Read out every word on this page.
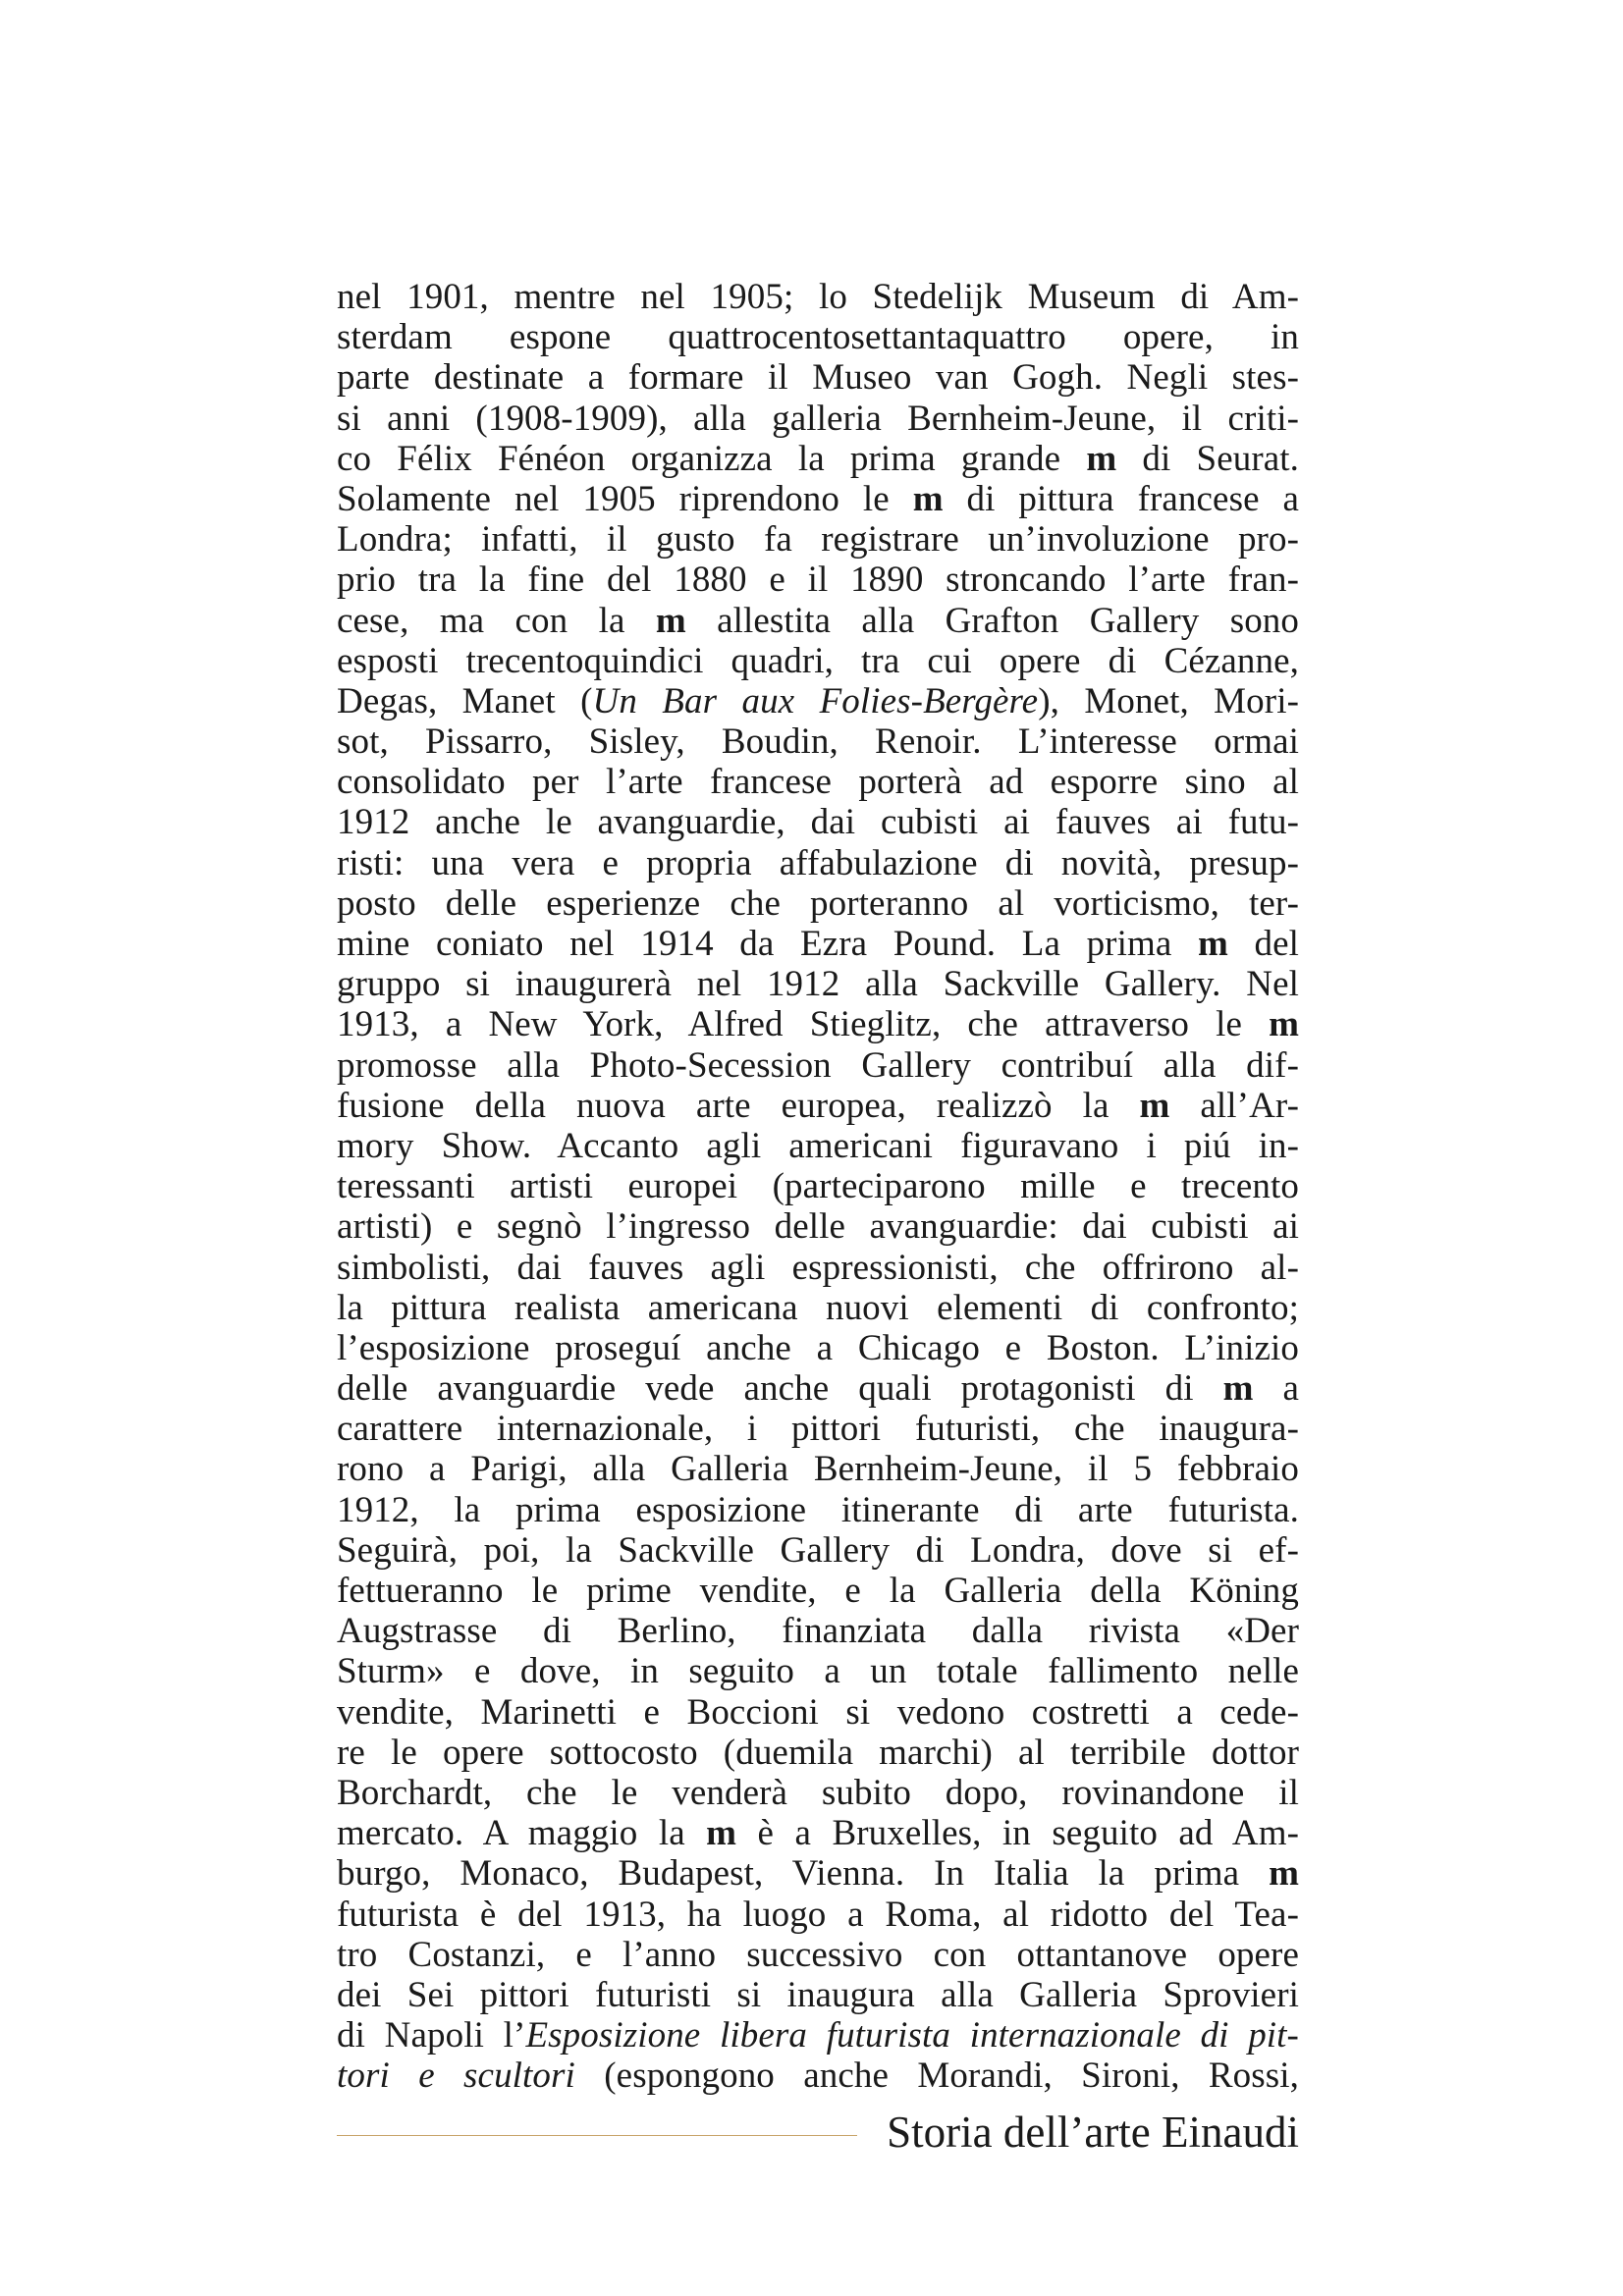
nel 1901, mentre nel 1905; lo Stedelijk Museum di Am-
sterdam espone quattrocentosettantaquattro opere, in
parte destinate a formare il Museo van Gogh. Negli stes-
si anni (1908-1909), alla galleria Bernheim-Jeune, il criti-
co Félix Fénéon organizza la prima grande m di Seurat.
Solamente nel 1905 riprendono le m di pittura francese a
Londra; infatti, il gusto fa registrare un’involuzione pro-
prio tra la fine del 1880 e il 1890 stroncando l’arte fran-
cese, ma con la m allestita alla Grafton Gallery sono
esposti trecentoquindici quadri, tra cui opere di Cézanne,
Degas, Manet (Un Bar aux Folies-Bergère), Monet, Mori-
sot, Pissarro, Sisley, Boudin, Renoir. L’interesse ormai
consolidato per l’arte francese porterà ad esporre sino al
1912 anche le avanguardie, dai cubisti ai fauves ai futu-
risti: una vera e propria affabulazione di novità, presup-
posto delle esperienze che porteranno al vorticismo, ter-
mine coniato nel 1914 da Ezra Pound. La prima m del
gruppo si inaugurerà nel 1912 alla Sackville Gallery. Nel
1913, a New York, Alfred Stieglitz, che attraverso le m
promosse alla Photo-Secession Gallery contribuí alla dif-
fusione della nuova arte europea, realizzò la m all’Ar-
mory Show. Accanto agli americani figuravano i piú in-
teressanti artisti europei (parteciparono mille e trecento
artisti) e segnò l’ingresso delle avanguardie: dai cubisti ai
simbolisti, dai fauves agli espressionisti, che offrirono al-
la pittura realista americana nuovi elementi di confronto;
l’esposizione proseguí anche a Chicago e Boston. L’inizio
delle avanguardie vede anche quali protagonisti di m a
carattere internazionale, i pittori futuristi, che inaugura-
rono a Parigi, alla Galleria Bernheim-Jeune, il 5 febbraio
1912, la prima esposizione itinerante di arte futurista.
Seguirà, poi, la Sackville Gallery di Londra, dove si ef-
fettueranno le prime vendite, e la Galleria della Köning
Augstrasse di Berlino, finanziata dalla rivista «Der
Sturm» e dove, in seguito a un totale fallimento nelle
vendite, Marinetti e Boccioni si vedono costretti a cede-
re le opere sottocosto (duemila marchi) al terribile dottor
Borchardt, che le venderà subito dopo, rovinandone il
mercato. A maggio la m è a Bruxelles, in seguito ad Am-
burgo, Monaco, Budapest, Vienna. In Italia la prima m
futurista è del 1913, ha luogo a Roma, al ridotto del Tea-
tro Costanzi, e l’anno successivo con ottantanove opere
dei Sei pittori futuristi si inaugura alla Galleria Sprovieri
di Napoli l’Esposizione libera futurista internazionale di pit-
tori e scultori (espongono anche Morandi, Sironi, Rossi,
Storia dell’arte Einaudi
